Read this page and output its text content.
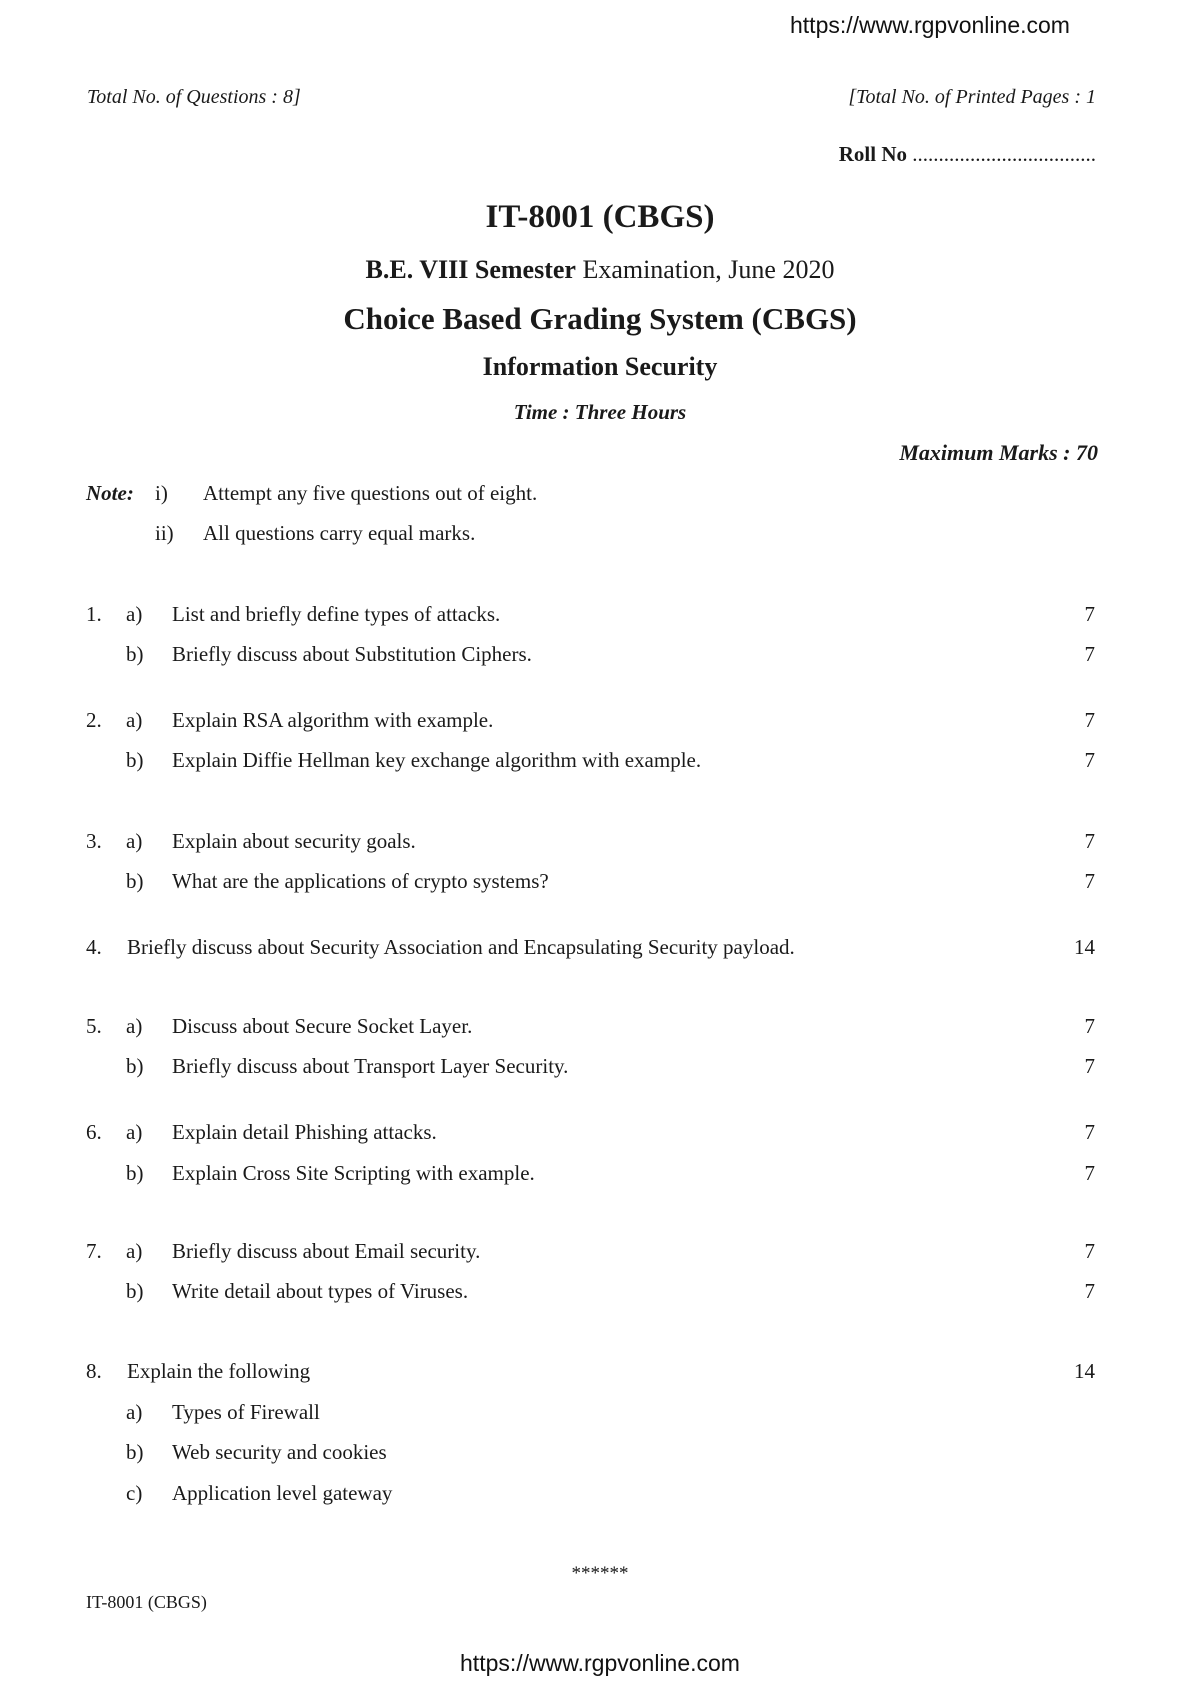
https://www.rgpvonline.com
Total No. of Questions : 8]	[Total No. of Printed Pages : 1
Roll No ...................................
IT-8001 (CBGS)
B.E. VIII Semester Examination, June 2020
Choice Based Grading System (CBGS)
Information Security
Time : Three Hours
Maximum Marks : 70
Note: i) Attempt any five questions out of eight.
ii) All questions carry equal marks.
1. a) List and briefly define types of attacks.	7
b) Briefly discuss about Substitution Ciphers.	7
2. a) Explain RSA algorithm with example.	7
b) Explain Diffie Hellman key exchange algorithm with example.	7
3. a) Explain about security goals.	7
b) What are the applications of crypto systems?	7
4. Briefly discuss about Security Association and Encapsulating Security payload.	14
5. a) Discuss about Secure Socket Layer.	7
b) Briefly discuss about Transport Layer Security.	7
6. a) Explain detail Phishing attacks.	7
b) Explain Cross Site Scripting with example.	7
7. a) Briefly discuss about Email security.	7
b) Write detail about types of Viruses.	7
8. Explain the following	14
a) Types of Firewall
b) Web security and cookies
c) Application level gateway
******
IT-8001 (CBGS)
https://www.rgpvonline.com
